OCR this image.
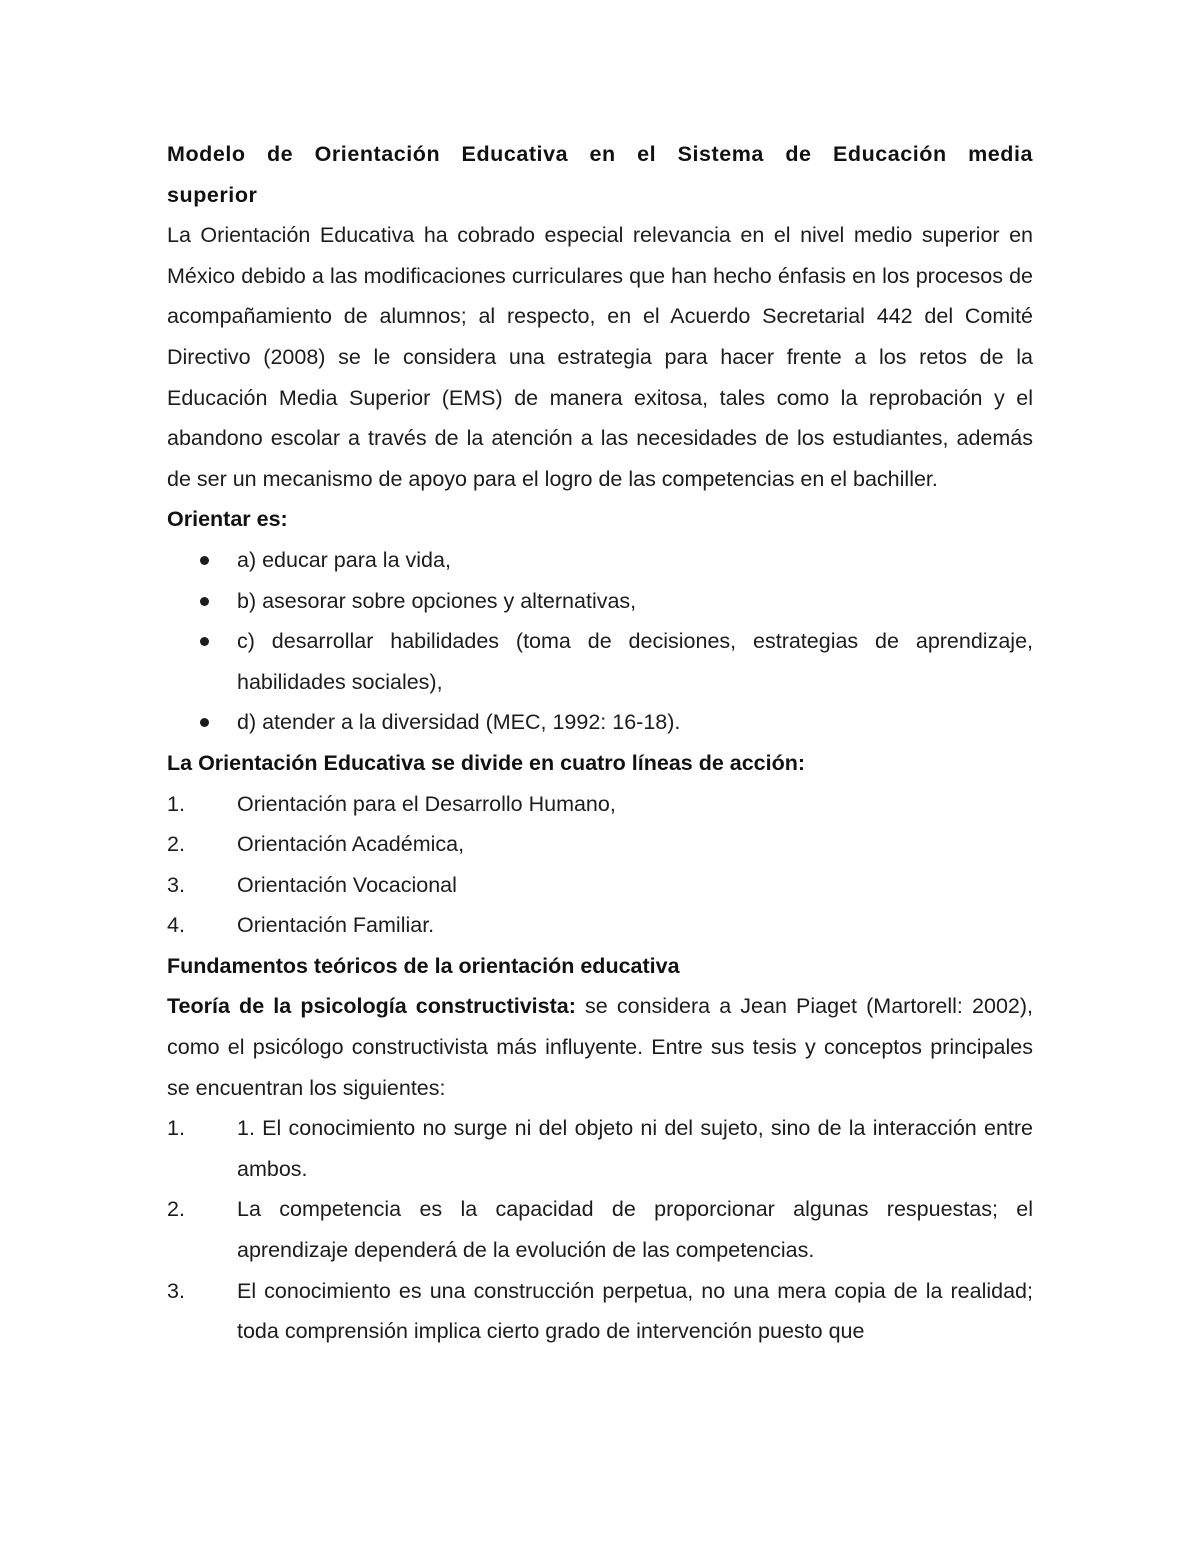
Modelo de Orientación Educativa en el Sistema de Educación media superior

La Orientación Educativa ha cobrado especial relevancia en el nivel medio superior en México debido a las modificaciones curriculares que han hecho énfasis en los procesos de acompañamiento de alumnos; al respecto, en el Acuerdo Secretarial 442 del Comité Directivo (2008) se le considera una estrategia para hacer frente a los retos de la Educación Media Superior (EMS) de manera exitosa, tales como la reprobación y el abandono escolar a través de la atención a las necesidades de los estudiantes, además de ser un mecanismo de apoyo para el logro de las competencias en el bachiller.

Orientar es:

a) educar para la vida,
b) asesorar sobre opciones y alternativas,
c) desarrollar habilidades (toma de decisiones, estrategias de aprendizaje, habilidades sociales),
d) atender a la diversidad (MEC, 1992: 16-18).

La Orientación Educativa se divide en cuatro líneas de acción:

1.	Orientación para el Desarrollo Humano,
2.	Orientación Académica,
3.	Orientación Vocacional
4.	Orientación Familiar.

Fundamentos teóricos de la orientación educativa

Teoría de la psicología constructivista: se considera a Jean Piaget (Martorell: 2002), como el psicólogo constructivista más influyente. Entre sus tesis y conceptos principales se encuentran los siguientes:

1.	1. El conocimiento no surge ni del objeto ni del sujeto, sino de la interacción entre ambos.
2.	La competencia es la capacidad de proporcionar algunas respuestas; el aprendizaje dependerá de la evolución de las competencias.
3.	El conocimiento es una construcción perpetua, no una mera copia de la realidad; toda comprensión implica cierto grado de intervención puesto que
